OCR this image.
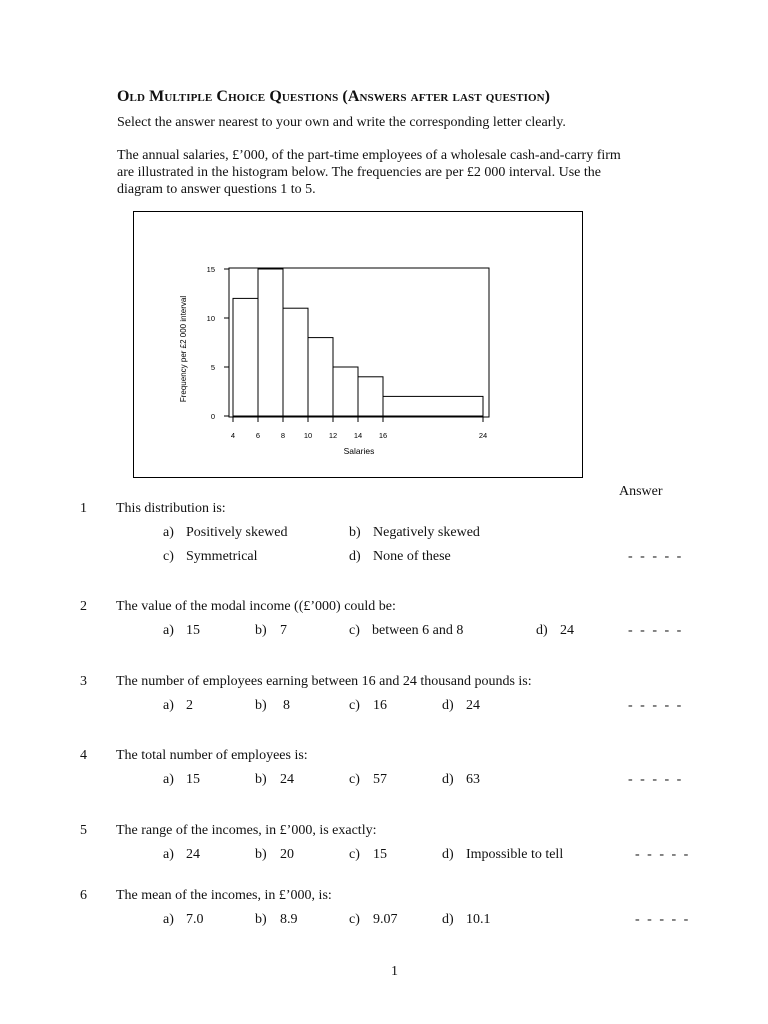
Old Multiple Choice Questions (Answers after last question)
Select the answer nearest to your own and write the corresponding letter clearly.
The annual salaries, £’000, of the part-time employees of a wholesale cash-and-carry firm
are illustrated in the histogram below. The frequencies are per £2 000 interval. Use the
diagram to answer questions 1 to 5.
0
5
10
15
4	6	8 10 12 14 16	24
Frequency per £2 000 interval
Salaries
Answer
1 This distribution is:
a) Positively skewed	b) Negatively skewed
c) Symmetrical	d) None of these	- - - - -
2 The value of the modal income ((£’000) could be:
a) 15	b) 7	c) between 6 and 8	d) 24	- - - - -
3 The number of employees earning between 16 and 24 thousand pounds is:
a) 2	b) 8	c) 16	d) 24	- - - - -
4 The total number of employees is:
a) 15	b) 24	c) 57	d) 63	- - - - -
5 The range of the incomes, in £’000, is exactly:
a) 24	b) 20	c) 15	d) Impossible to tell	- - - - -
6 The mean of the incomes, in £’000, is:
a) 7.0	b) 8.9	c) 9.07	d) 10.1	- - - - -
1
